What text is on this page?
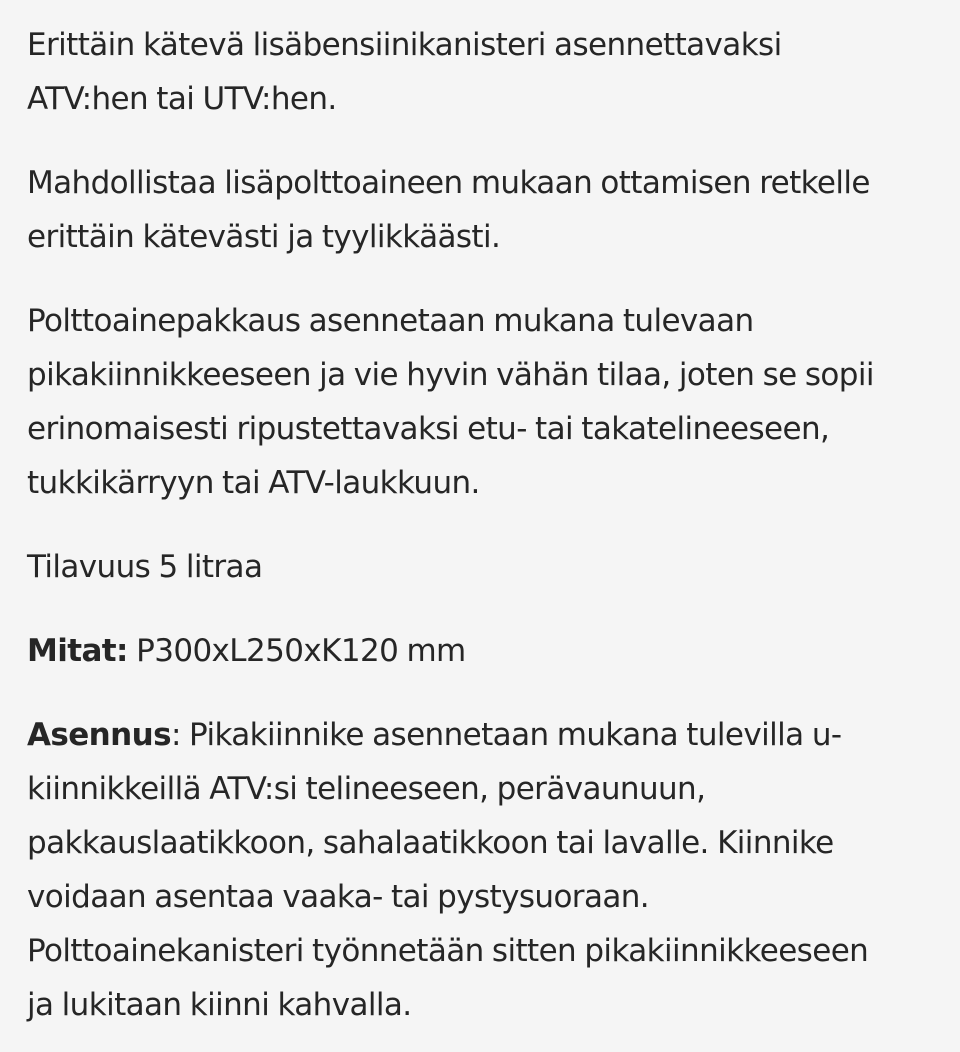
Erittäin kätevä lisäbensiinikanisteri asennettavaksi
ATV:hen tai UTV:hen.

Mahdollistaa lisäpolttoaineen mukaan ottamisen retkelle
erittäin kätevästi ja tyylikkäästi.

Polttoainepakkaus asennetaan mukana tulevaan
pikakiinnikkeeseen ja vie hyvin vähän tilaa, joten se sopii
erinomaisesti ripustettavaksi etu- tai takatelineeseen,
tukkikärryyn tai ATV-laukkuun.

Tilavuus 5 litraa

Mitat: P300xL250xK120 mm

Asennus: Pikakiinnike asennetaan mukana tulevilla u-
kiinnikkeillä ATV:si telineeseen, perävaunuun,
pakkauslaatikkoon, sahalaatikkoon tai lavalle. Kiinnike
voidaan asentaa vaaka- tai pystysuoraan.
Polttoainekanisteri työnnetään sitten pikakiinnikkeeseen
ja lukitaan kiinni kahvalla.
